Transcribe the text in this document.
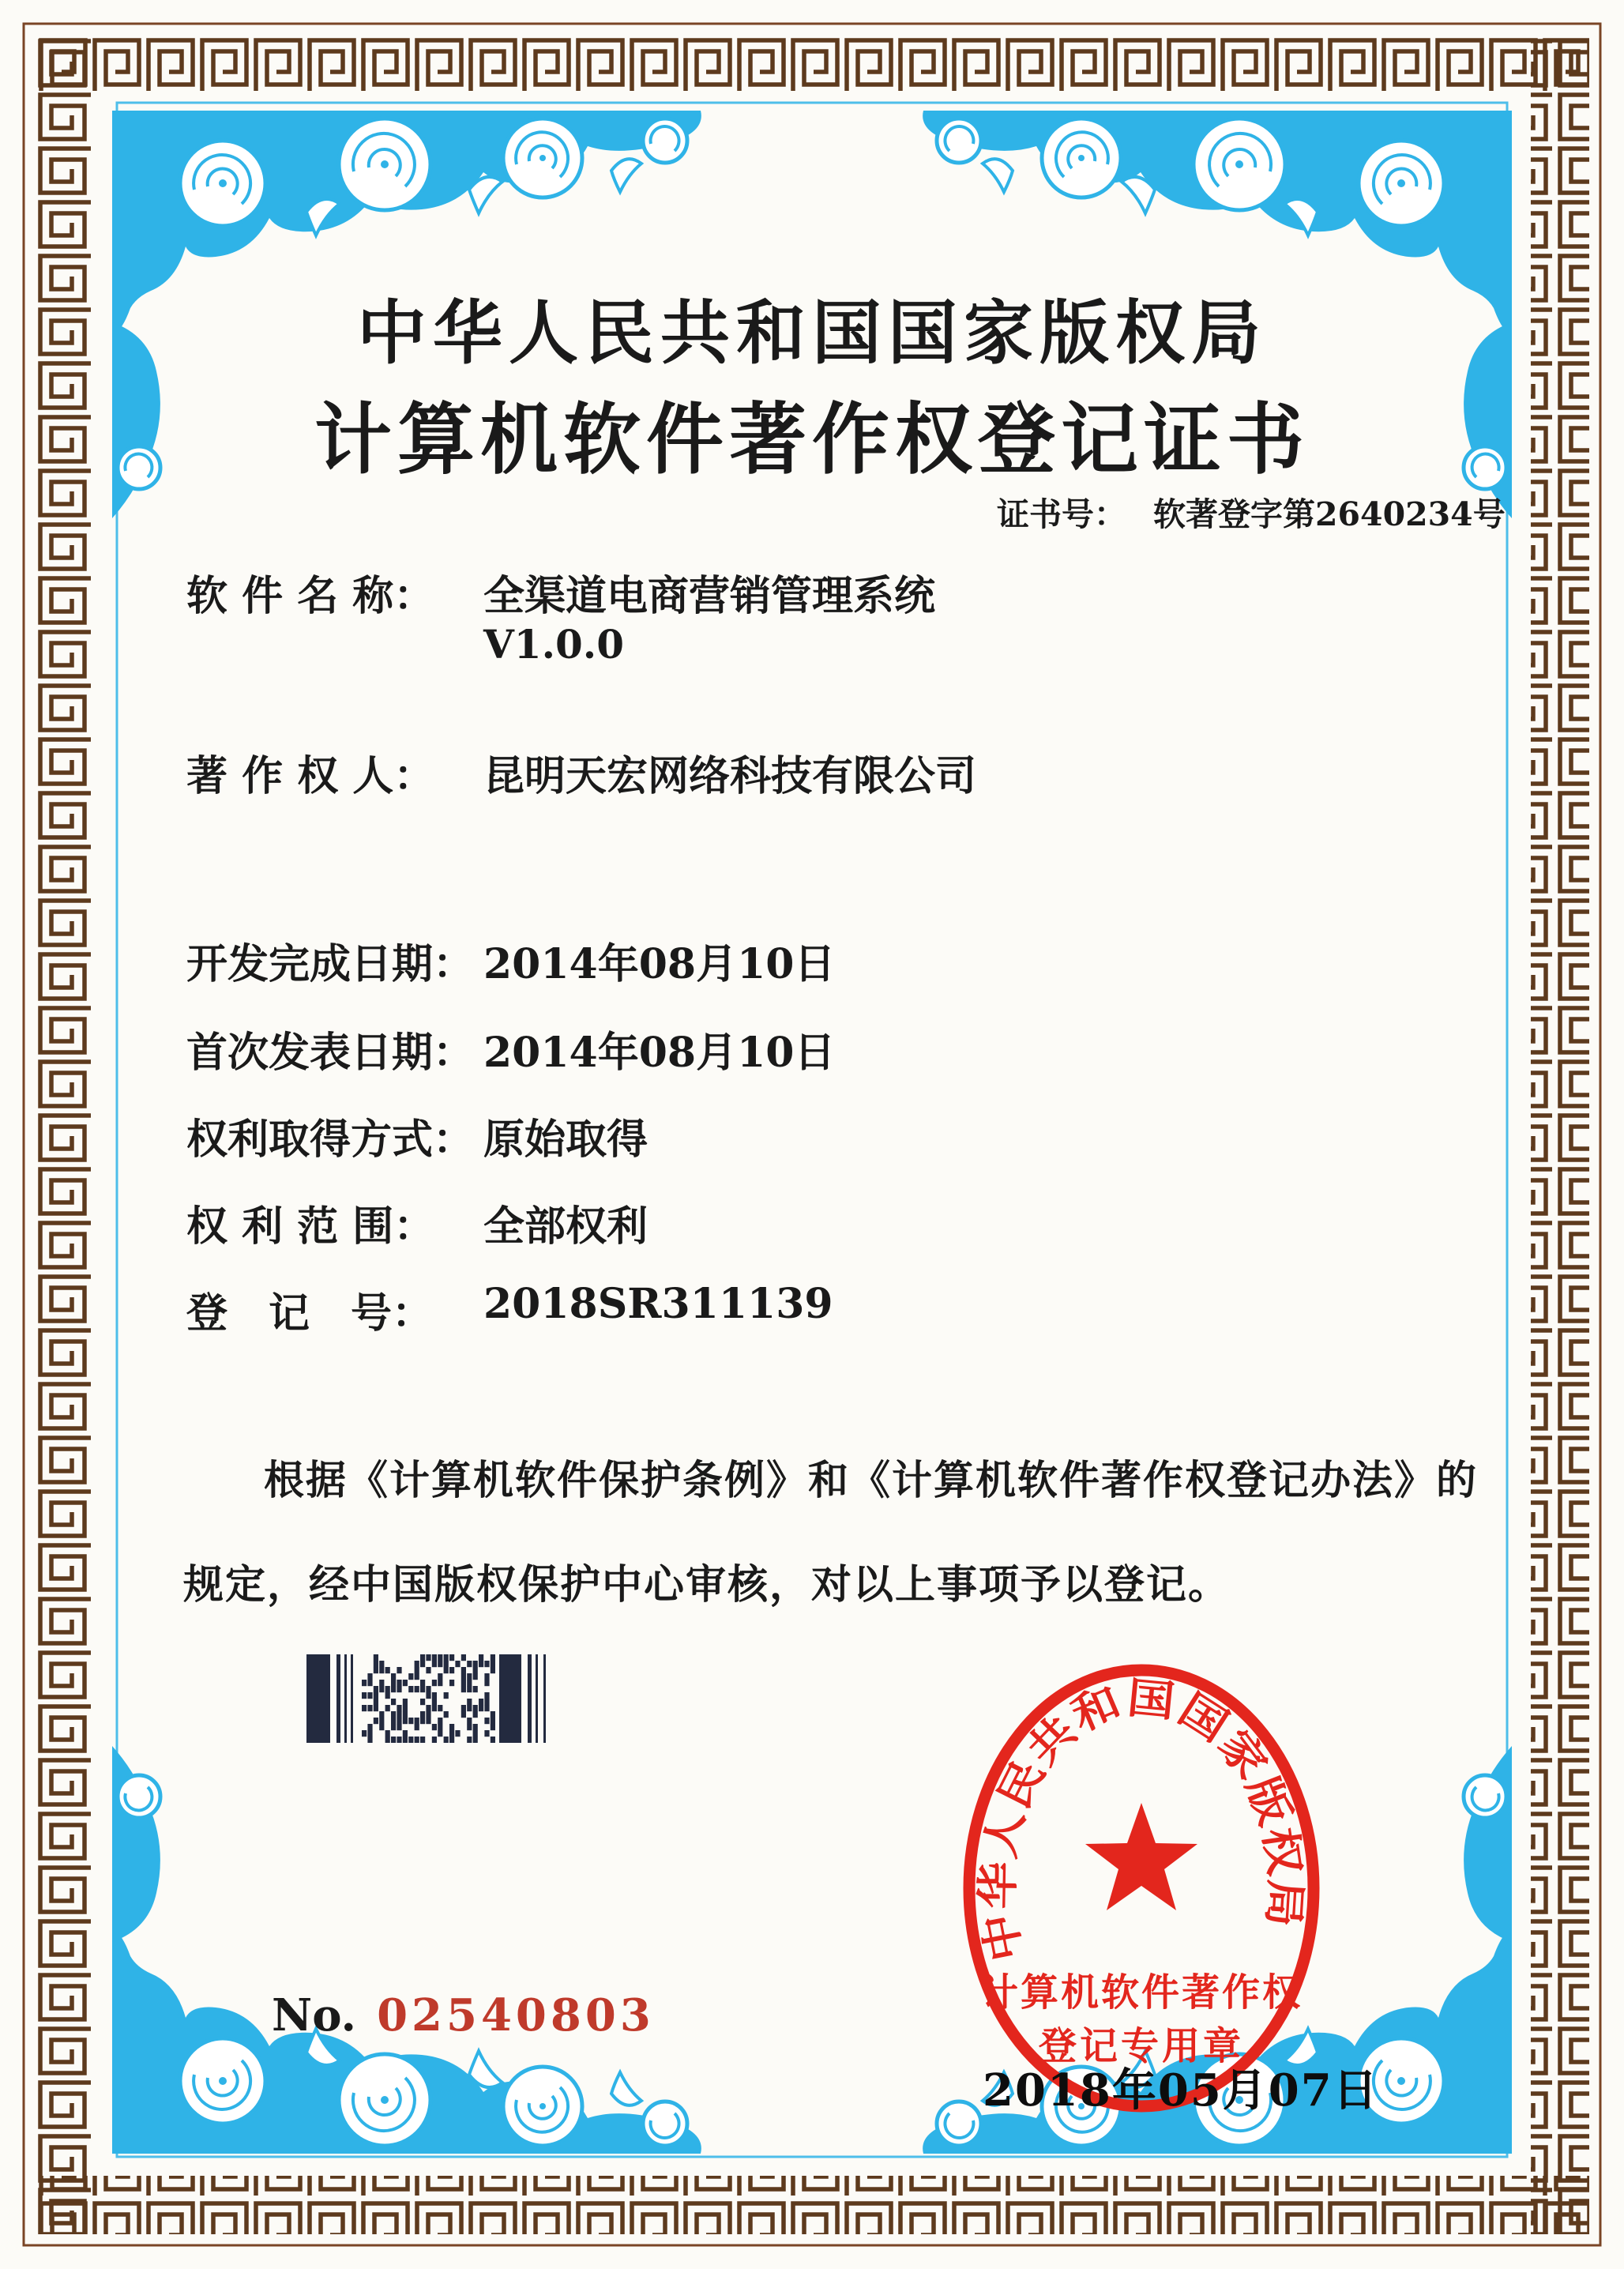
中华人民共和国国家版权局
计算机软件著作权登记证书
证书号： 软著登字第2640234号
软 件 名 称： 全渠道电商营销管理系统
V1.0.0
著 作 权 人： 昆明天宏网络科技有限公司
开发完成日期： 2014年08月10日
首次发表日期： 2014年08月10日
权利取得方式： 原始取得
权 利 范 围： 全部权利
登　记　号： 2018SR311139
根据《计算机软件保护条例》和《计算机软件著作权登记办法》的
规定，经中国版权保护中心审核，对以上事项予以登记。
中华人民共和国国家版权局
计算机软件著作权
登记专用章
2018年05月07日
No. 02540803
